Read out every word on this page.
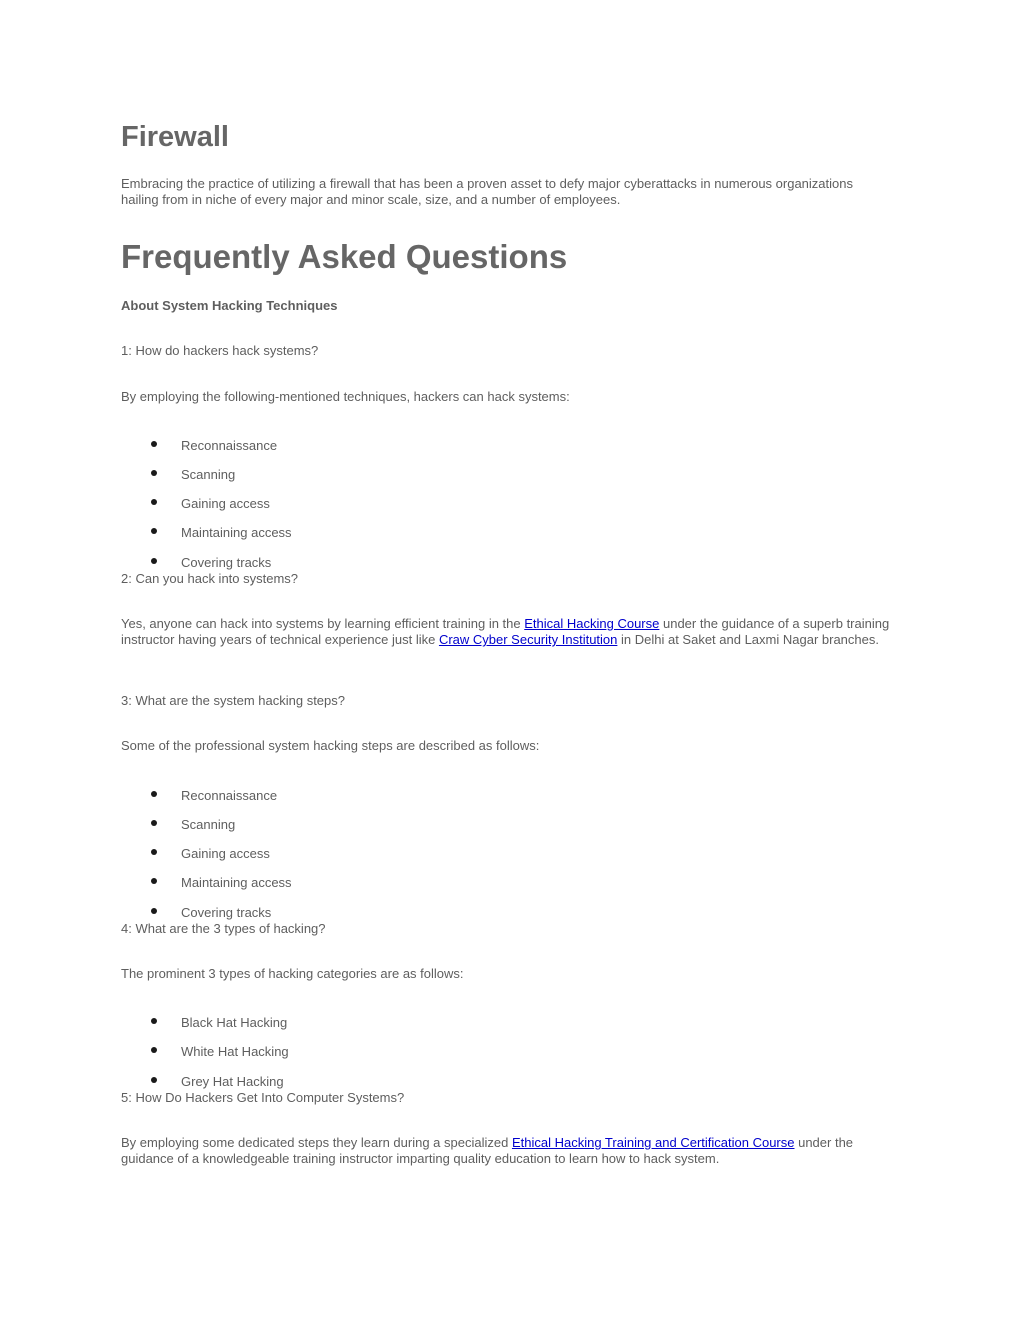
Firewall

Embracing the practice of utilizing a firewall that has been a proven asset to defy major cyberattacks in numerous organizations hailing from in niche of every major and minor scale, size, and a number of employees.

Frequently Asked Questions

About System Hacking Techniques

1: How do hackers hack systems?

By employing the following-mentioned techniques, hackers can hack systems:

Reconnaissance
Scanning
Gaining access
Maintaining access
Covering tracks

2: Can you hack into systems?

Yes, anyone can hack into systems by learning efficient training in the Ethical Hacking Course under the guidance of a superb training instructor having years of technical experience just like Craw Cyber Security Institution in Delhi at Saket and Laxmi Nagar branches.

3: What are the system hacking steps?

Some of the professional system hacking steps are described as follows:

Reconnaissance
Scanning
Gaining access
Maintaining access
Covering tracks

4: What are the 3 types of hacking?

The prominent 3 types of hacking categories are as follows:

Black Hat Hacking
White Hat Hacking
Grey Hat Hacking

5: How Do Hackers Get Into Computer Systems?

By employing some dedicated steps they learn during a specialized Ethical Hacking Training and Certification Course under the guidance of a knowledgeable training instructor imparting quality education to learn how to hack system.
